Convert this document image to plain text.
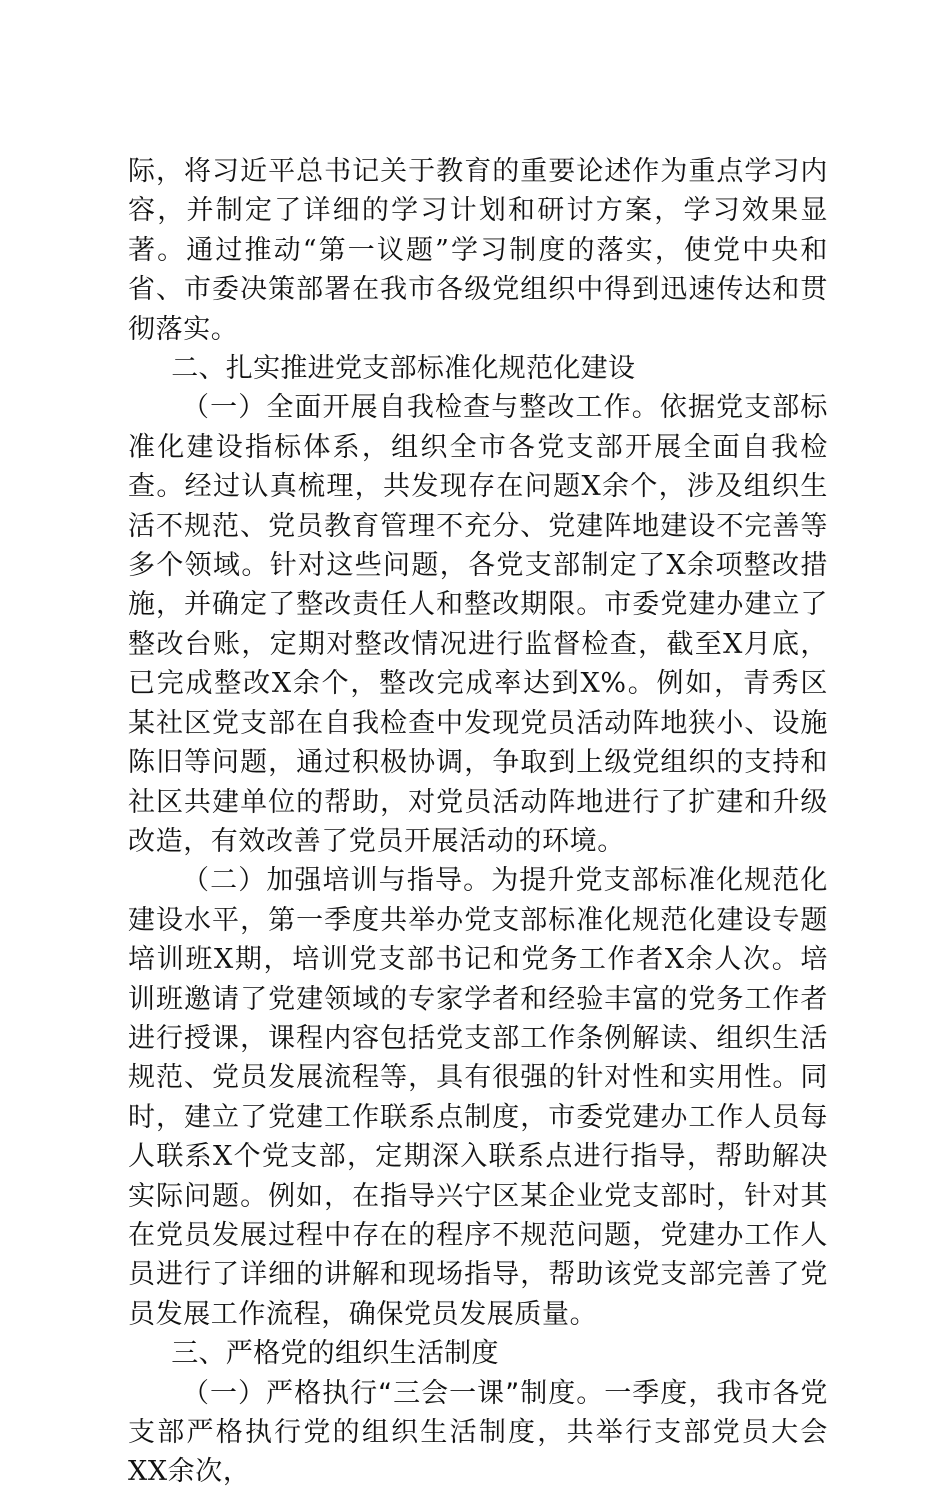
际，将习近平总书记关于教育的重要论述作为重点学习内容，并制定了详细的学习计划和研讨方案，学习效果显著。通过推动“第一议题”学习制度的落实，使党中央和省、市委决策部署在我市各级党组织中得到迅速传达和贯彻落实。

二、扎实推进党支部标准化规范化建设

（一）全面开展自我检查与整改工作。依据党支部标准化建设指标体系，组织全市各党支部开展全面自我检查。经过认真梳理，共发现存在问题X余个，涉及组织生活不规范、党员教育管理不充分、党建阵地建设不完善等多个领域。针对这些问题，各党支部制定了X余项整改措施，并确定了整改责任人和整改期限。市委党建办建立了整改台账，定期对整改情况进行监督检查，截至X月底，已完成整改X余个，整改完成率达到X%。例如，青秀区某社区党支部在自我检查中发现党员活动阵地狭小、设施陈旧等问题，通过积极协调，争取到上级党组织的支持和社区共建单位的帮助，对党员活动阵地进行了扩建和升级改造，有效改善了党员开展活动的环境。

（二）加强培训与指导。为提升党支部标准化规范化建设水平，第一季度共举办党支部标准化规范化建设专题培训班X期，培训党支部书记和党务工作者X余人次。培训班邀请了党建领域的专家学者和经验丰富的党务工作者进行授课，课程内容包括党支部工作条例解读、组织生活规范、党员发展流程等，具有很强的针对性和实用性。同时，建立了党建工作联系点制度，市委党建办工作人员每人联系X个党支部，定期深入联系点进行指导，帮助解决实际问题。例如，在指导兴宁区某企业党支部时，针对其在党员发展过程中存在的程序不规范问题，党建办工作人员进行了详细的讲解和现场指导，帮助该党支部完善了党员发展工作流程，确保党员发展质量。

三、严格党的组织生活制度

（一）严格执行“三会一课”制度。一季度，我市各党支部严格执行党的组织生活制度，共举行支部党员大会XX余次，
